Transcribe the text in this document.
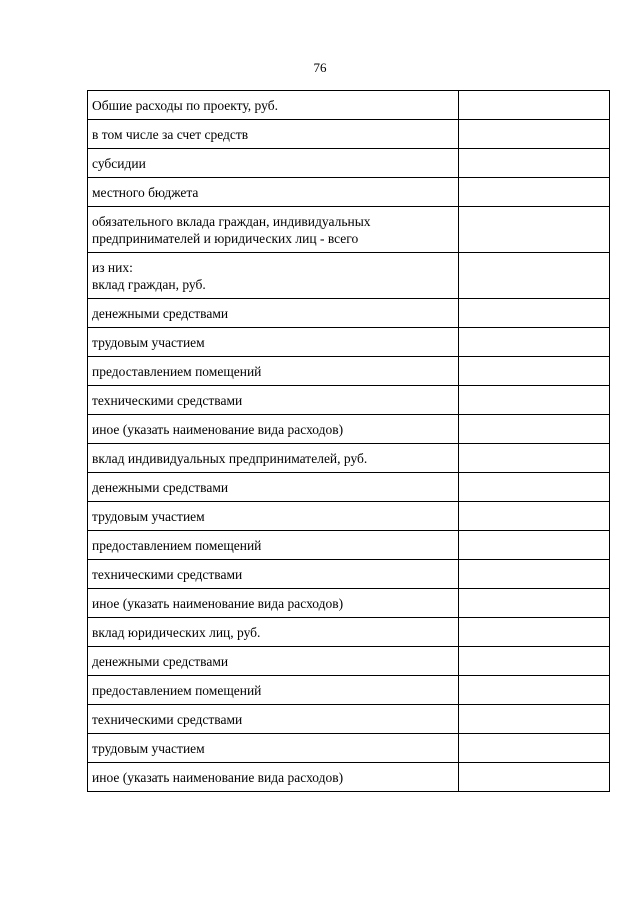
76
Обшие расходы по проекту, руб.	
в том числе за счет средств	
субсидии	
местного бюджета	
обязательного вклада граждан, индивидуальных
предпринимателей и юридических лиц - всего	
из них:
вклад граждан, руб.	
денежными средствами	
трудовым участием	
предоставлением помещений	
техническими средствами	
иное (указать наименование вида расходов)	
вклад индивидуальных предпринимателей, руб.	
денежными средствами	
трудовым участием	
предоставлением помещений	
техническими средствами	
иное (указать наименование вида расходов)	
вклад юридических лиц, руб.	
денежными средствами	
предоставлением помещений	
техническими средствами	
трудовым участием	
иное (указать наименование вида расходов)	
